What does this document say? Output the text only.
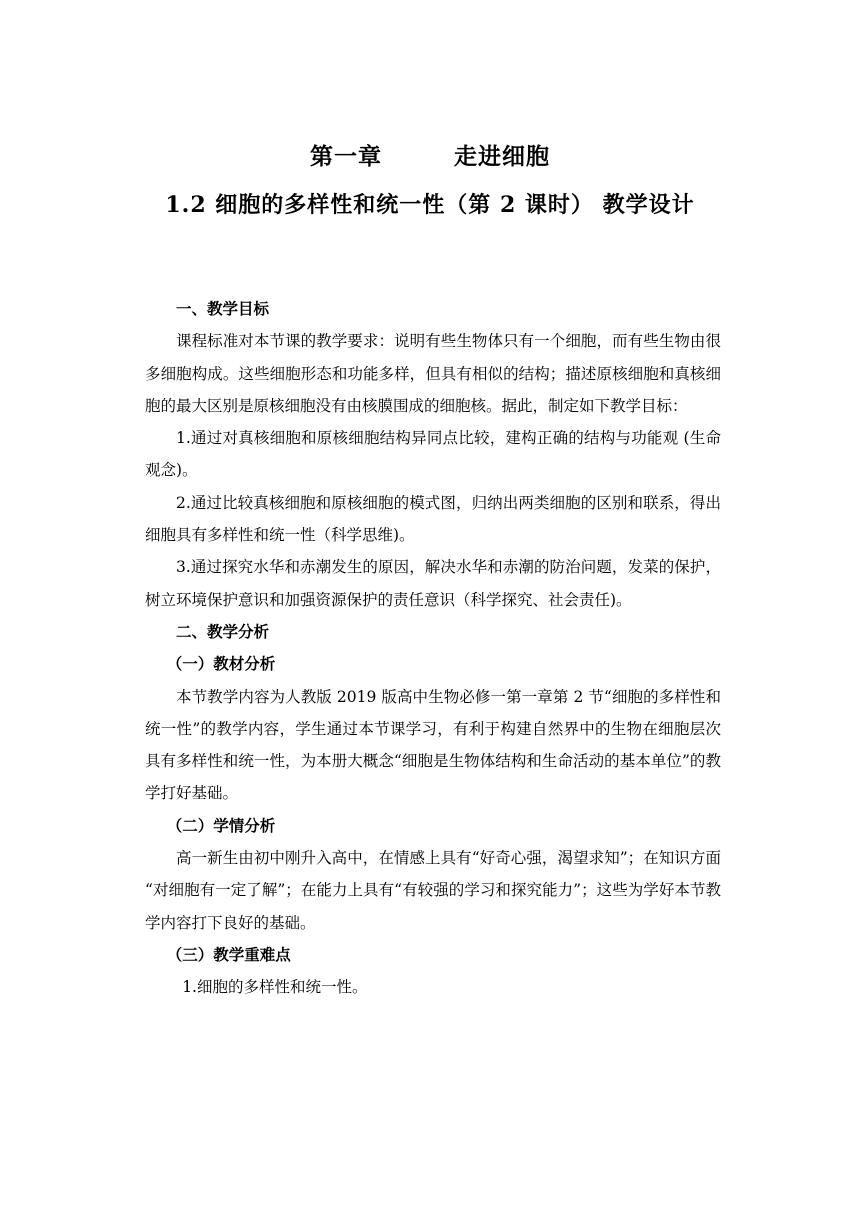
第一章	走进细胞
1.2 细胞的多样性和统一性（第 2 课时） 教学设计

一、教学目标

课程标准对本节课的教学要求：说明有些生物体只有一个细胞，而有些生物由很多细胞构成。这些细胞形态和功能多样，但具有相似的结构；描述原核细胞和真核细胞的最大区别是原核细胞没有由核膜围成的细胞核。据此，制定如下教学目标：

1.通过对真核细胞和原核细胞结构异同点比较，建构正确的结构与功能观 (生命观念)。

2.通过比较真核细胞和原核细胞的模式图，归纳出两类细胞的区别和联系，得出细胞具有多样性和统一性（科学思维)。

3.通过探究水华和赤潮发生的原因，解决水华和赤潮的防治问题，发菜的保护，树立环境保护意识和加强资源保护的责任意识（科学探究、社会责任)。

二、教学分析

（一）教材分析

本节教学内容为人教版 2019 版高中生物必修一第一章第 2 节“细胞的多样性和统一性”的教学内容，学生通过本节课学习，有利于构建自然界中的生物在细胞层次具有多样性和统一性，为本册大概念“细胞是生物体结构和生命活动的基本单位”的教学打好基础。

（二）学情分析

高一新生由初中刚升入高中，在情感上具有“好奇心强，渴望求知”；在知识方面 “对细胞有一定了解”；在能力上具有“有较强的学习和探究能力”；这些为学好本节教学内容打下良好的基础。

（三）教学重难点

1.细胞的多样性和统一性。
